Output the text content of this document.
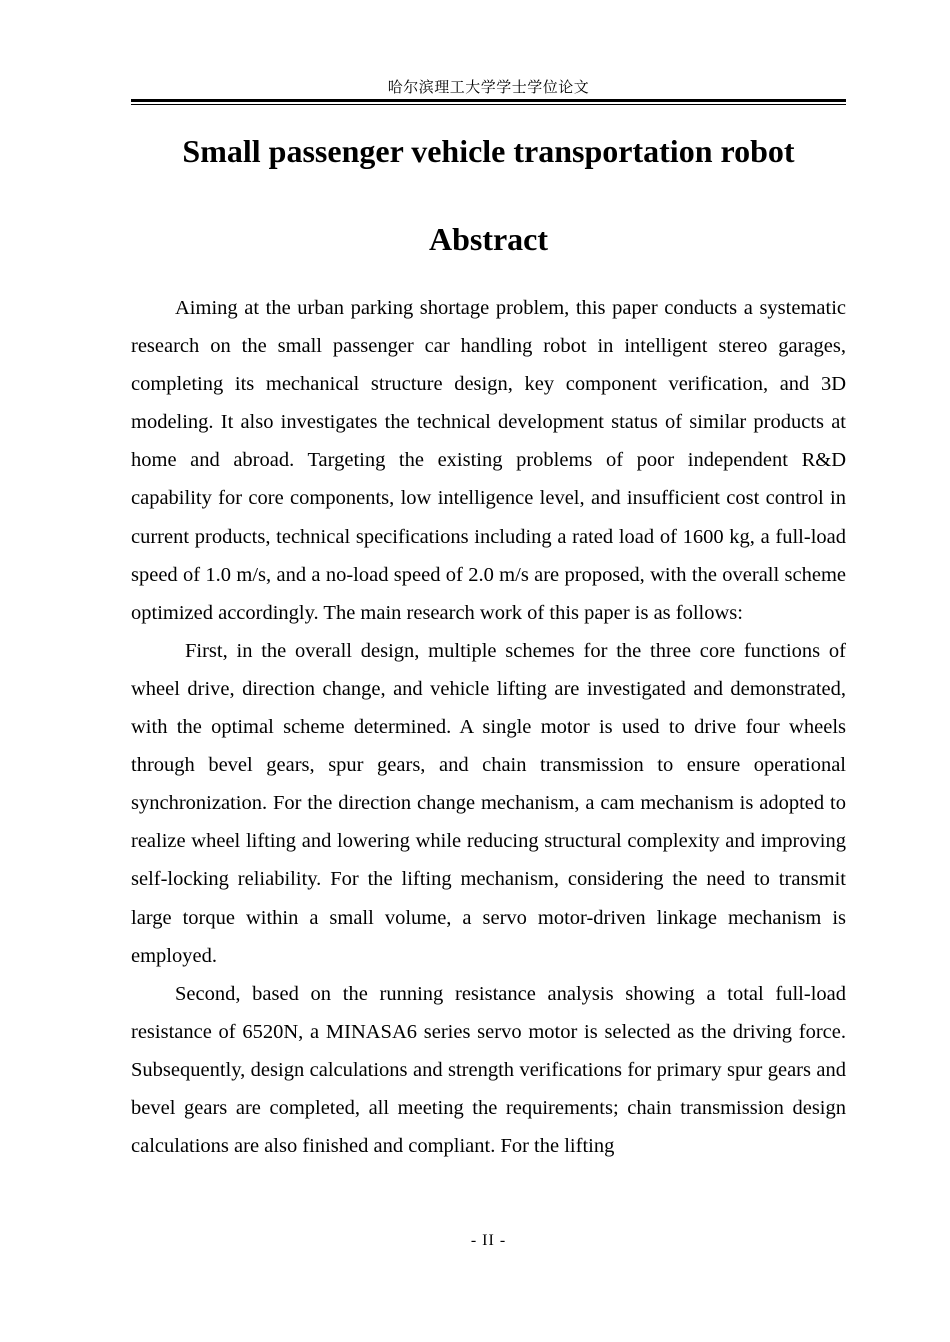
哈尔滨理工大学学士学位论文
Small passenger vehicle transportation robot
Abstract

Aiming at the urban parking shortage problem, this paper conducts a systematic research on the small passenger car handling robot in intelligent stereo garages, completing its mechanical structure design, key component verification, and 3D modeling. It also investigates the technical development status of similar products at home and abroad. Targeting the existing problems of poor independent R&D capability for core components, low intelligence level, and insufficient cost control in current products, technical specifications including a rated load of 1600 kg, a full-load speed of 1.0 m/s, and a no-load speed of 2.0 m/s are proposed, with the overall scheme optimized accordingly. The main research work of this paper is as follows:

First, in the overall design, multiple schemes for the three core functions of wheel drive, direction change, and vehicle lifting are investigated and demonstrated, with the optimal scheme determined. A single motor is used to drive four wheels through bevel gears, spur gears, and chain transmission to ensure operational synchronization. For the direction change mechanism, a cam mechanism is adopted to realize wheel lifting and lowering while reducing structural complexity and improving self-locking reliability. For the lifting mechanism, considering the need to transmit large torque within a small volume, a servo motor-driven linkage mechanism is employed.

Second, based on the running resistance analysis showing a total full-load resistance of 6520N, a MINASA6 series servo motor is selected as the driving force. Subsequently, design calculations and strength verifications for primary spur gears and bevel gears are completed, all meeting the requirements; chain transmission design calculations are also finished and compliant. For the lifting

- II -
